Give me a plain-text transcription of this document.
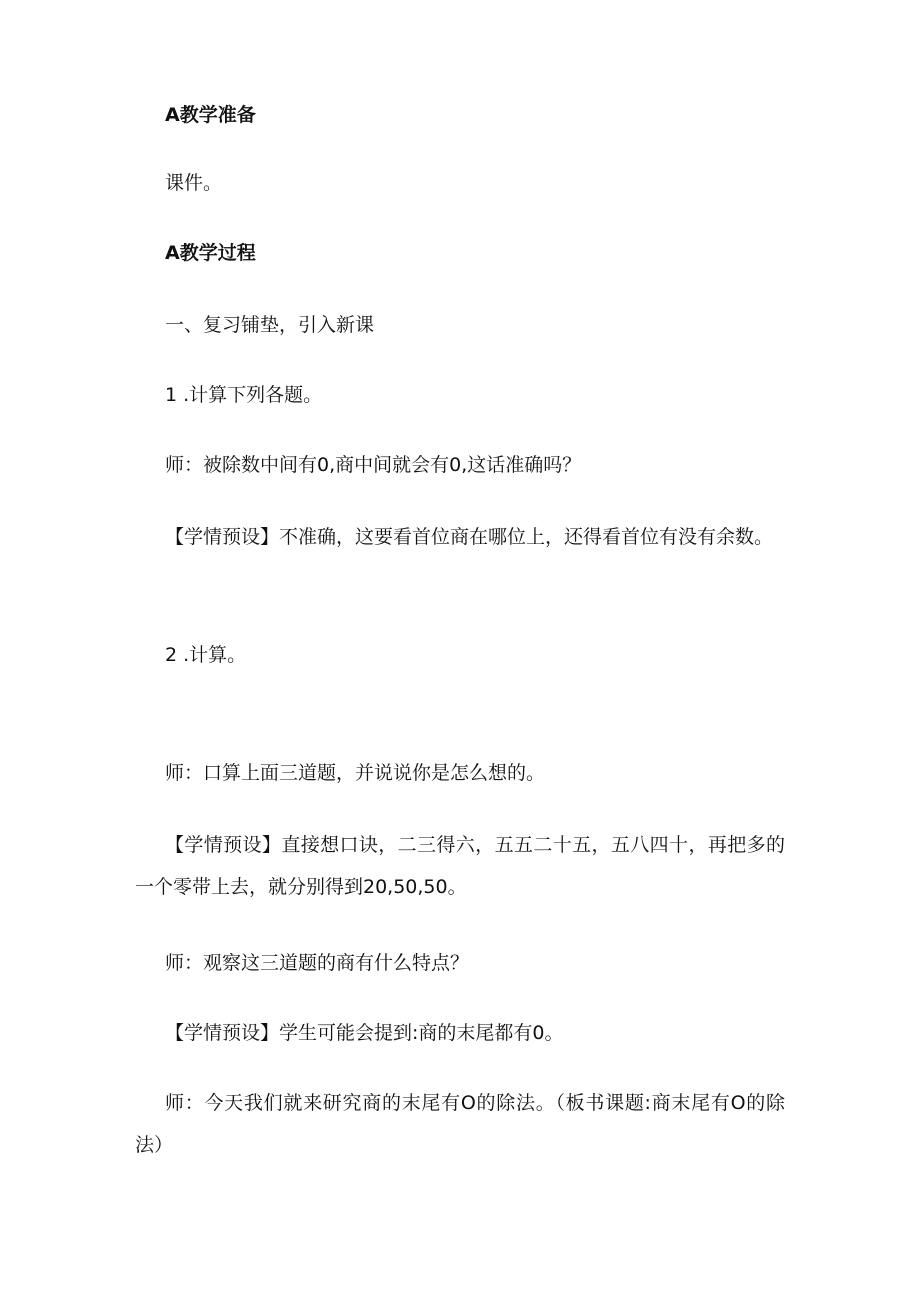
A教学准备

课件。

A教学过程

一、复习铺垫，引入新课

1 .计算下列各题。

师：被除数中间有0,商中间就会有0,这话准确吗？

【学情预设】不准确，这要看首位商在哪位上，还得看首位有没有余数。

2 .计算。

师：口算上面三道题，并说说你是怎么想的。

【学情预设】直接想口诀，二三得六，五五二十五，五八四十，再把多的一个零带上去，就分别得到20,50,50。

师：观察这三道题的商有什么特点？

【学情预设】学生可能会提到:商的末尾都有0。

师：今天我们就来研究商的末尾有O的除法。（板书课题:商末尾有O的除法）
